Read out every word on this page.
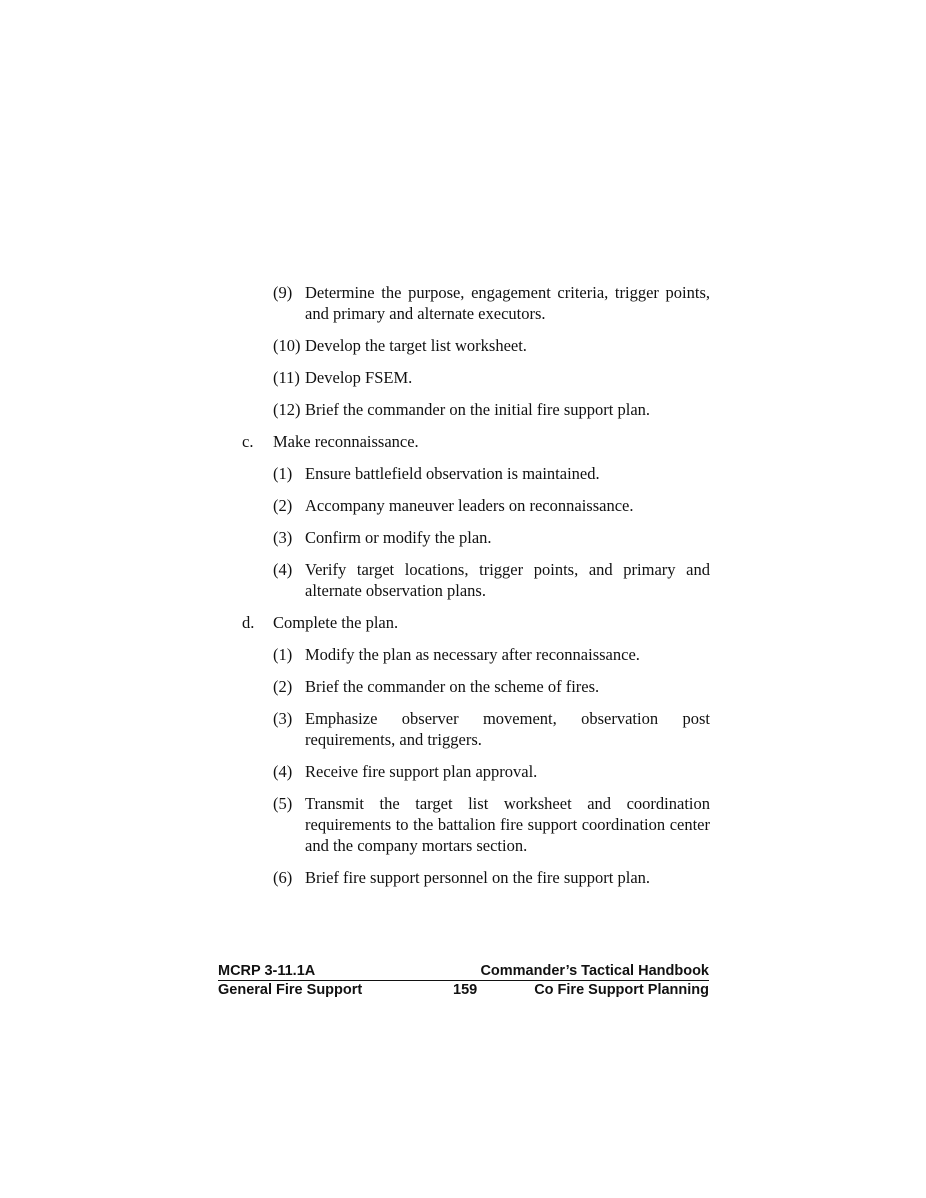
(9) Determine the purpose, engagement criteria, trigger points, and primary and alternate executors.
(10) Develop the target list worksheet.
(11) Develop FSEM.
(12) Brief the commander on the initial fire support plan.
c. Make reconnaissance.
(1) Ensure battlefield observation is maintained.
(2) Accompany maneuver leaders on reconnaissance.
(3) Confirm or modify the plan.
(4) Verify target locations, trigger points, and primary and alternate observation plans.
d. Complete the plan.
(1) Modify the plan as necessary after reconnaissance.
(2) Brief the commander on the scheme of fires.
(3) Emphasize observer movement, observation post requirements, and triggers.
(4) Receive fire support plan approval.
(5) Transmit the target list worksheet and coordination requirements to the battalion fire support coordination center and the company mortars section.
(6) Brief fire support personnel on the fire support plan.
MCRP 3-11.1A	Commander’s Tactical Handbook
General Fire Support	159	Co Fire Support Planning
